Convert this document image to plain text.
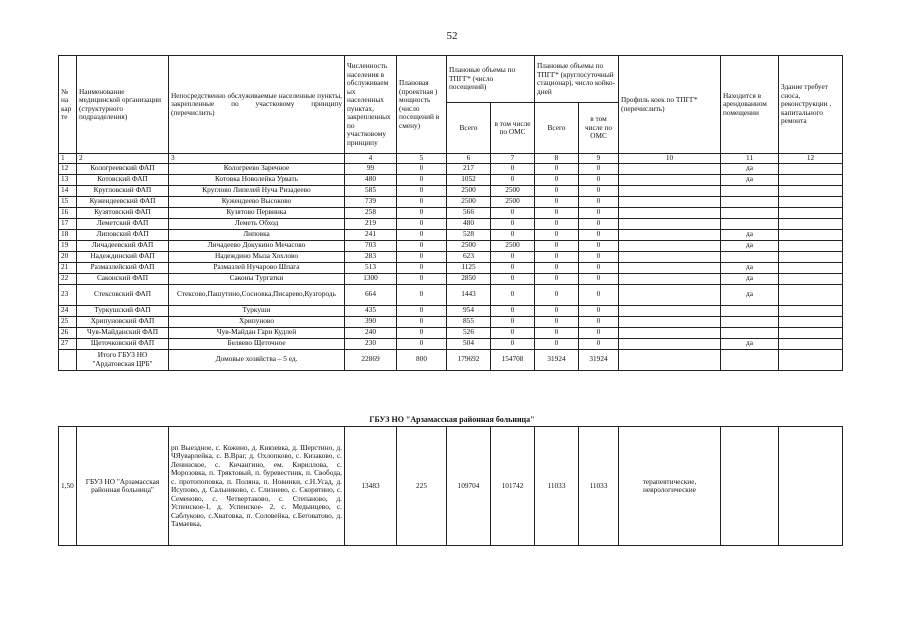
52
№ на кар те	Наименование медицинской организации (структурного подразделения)	Непосредственно обслуживаемые населенные пункты, закрепленные по участковому принципу (перечислить)	Численность населения в обслуживаем ых населенных пунктах, закрепленных по участковому принципу	Плановая (проектная ) мощность (число посещений в смену)	Плановые объемы по ТПГГ* (число посещений)		Плановые объемы по ТПГГ* (круглосуточный стационар), число койко-дней		Профиль коек по ТПГГ* (перечислить)	Находится в арендованном помещении	Здание требует сноса, реконструкции , капитального ремонта
					Всего	в том числе по ОМС	Всего	в том числе по ОМС			
1	2	3	4	5	6	7	8	9	10	11	12
12	Кологреевский ФАП	Кологреево Заречное	99	0	217	0	0	0		да	
13	Котовский ФАП	Котовка Новолейка Урвать	480	0	1052	0	0	0		да	
14	Кругловский ФАП	Круглово Липелей Нуча Ризадеево	585	0	2500	2500	0	0			
15	Кужендеевский ФАП	Кужендеево Высоково	739	0	2500	2500	0	0			
16	Кузятовский ФАП	Кузятово Первинка	258	0	566	0	0	0			
17	Леметский ФАП	Леметь Обход	219	0	480	0	0	0			
18	Липовский ФАП	Липовка	241	0	528	0	0	0		да	
19	Личадеевский ФАП	Личадеево Докукино Мечасово	703	0	2500	2500	0	0		да	
20	Надеждинский ФАП	Надеждино Мыза Хохлово	283	0	623	0	0	0			
21	Размазлейский ФАП	Размазлей Нучарово Шпага	513	0	1125	0	0	0		да	
22	Саконский ФАП	Саконы Тургатки	1300	0	2850	0	0	0		да	
23	Стексовский ФАП	Стексово,Пашутино,Сосновка,Писарево,Кузгородь	664	0	1443	0	0	0		да	
24	Туркушский ФАП	Туркуши	435	0	954	0	0	0			
25	Хрипуновский ФАП	Хрипуново	390	0	855	0	0	0			
26	Чув-Майданский ФАП	Чув-Майдан Гари Кудлей	240	0	526	0	0	0			
27	Щеточковский ФАП	Беляево Щеточное	230	0	504	0	0	0		да	
	Итого ГБУЗ НО "Ардатовская ЦРБ"	Домовые хозяйства – 5 ед.	22869	800	179692	154708	31924	31924			
ГБУЗ НО "Арзамасская районная больница"
1,50	ГБУЗ НО "Арзамасская районная больница"	рп Выездное, с. Кожино, д. Князевка, д. Шерстино, д. ЧЯуварлейка, с. В.Враг, д. Охлопково, с. Кизаково, с. Ленинское, с. Кичангино, ем. Кириллова, с. Морозовка, п. Тряктовый, п. буревестник, п. Свобода, с. протопоповка, п. Поляна, п. Новинки, с.Н.Усад, д. Исупово, д. Сальниково, с. Слизнево, с. Скорятино, с. Семеново, с. Четвертаково, с. Степаново, д. Успенское-1, д. Успенское- 2, с. Медынцево, с. Саблуково, с.Хватовка, п. Соловейка, с.Беговатово, д. Тамаевка,	13483	225	109704	101742	11033	11033	терапевтические, неврологические		
